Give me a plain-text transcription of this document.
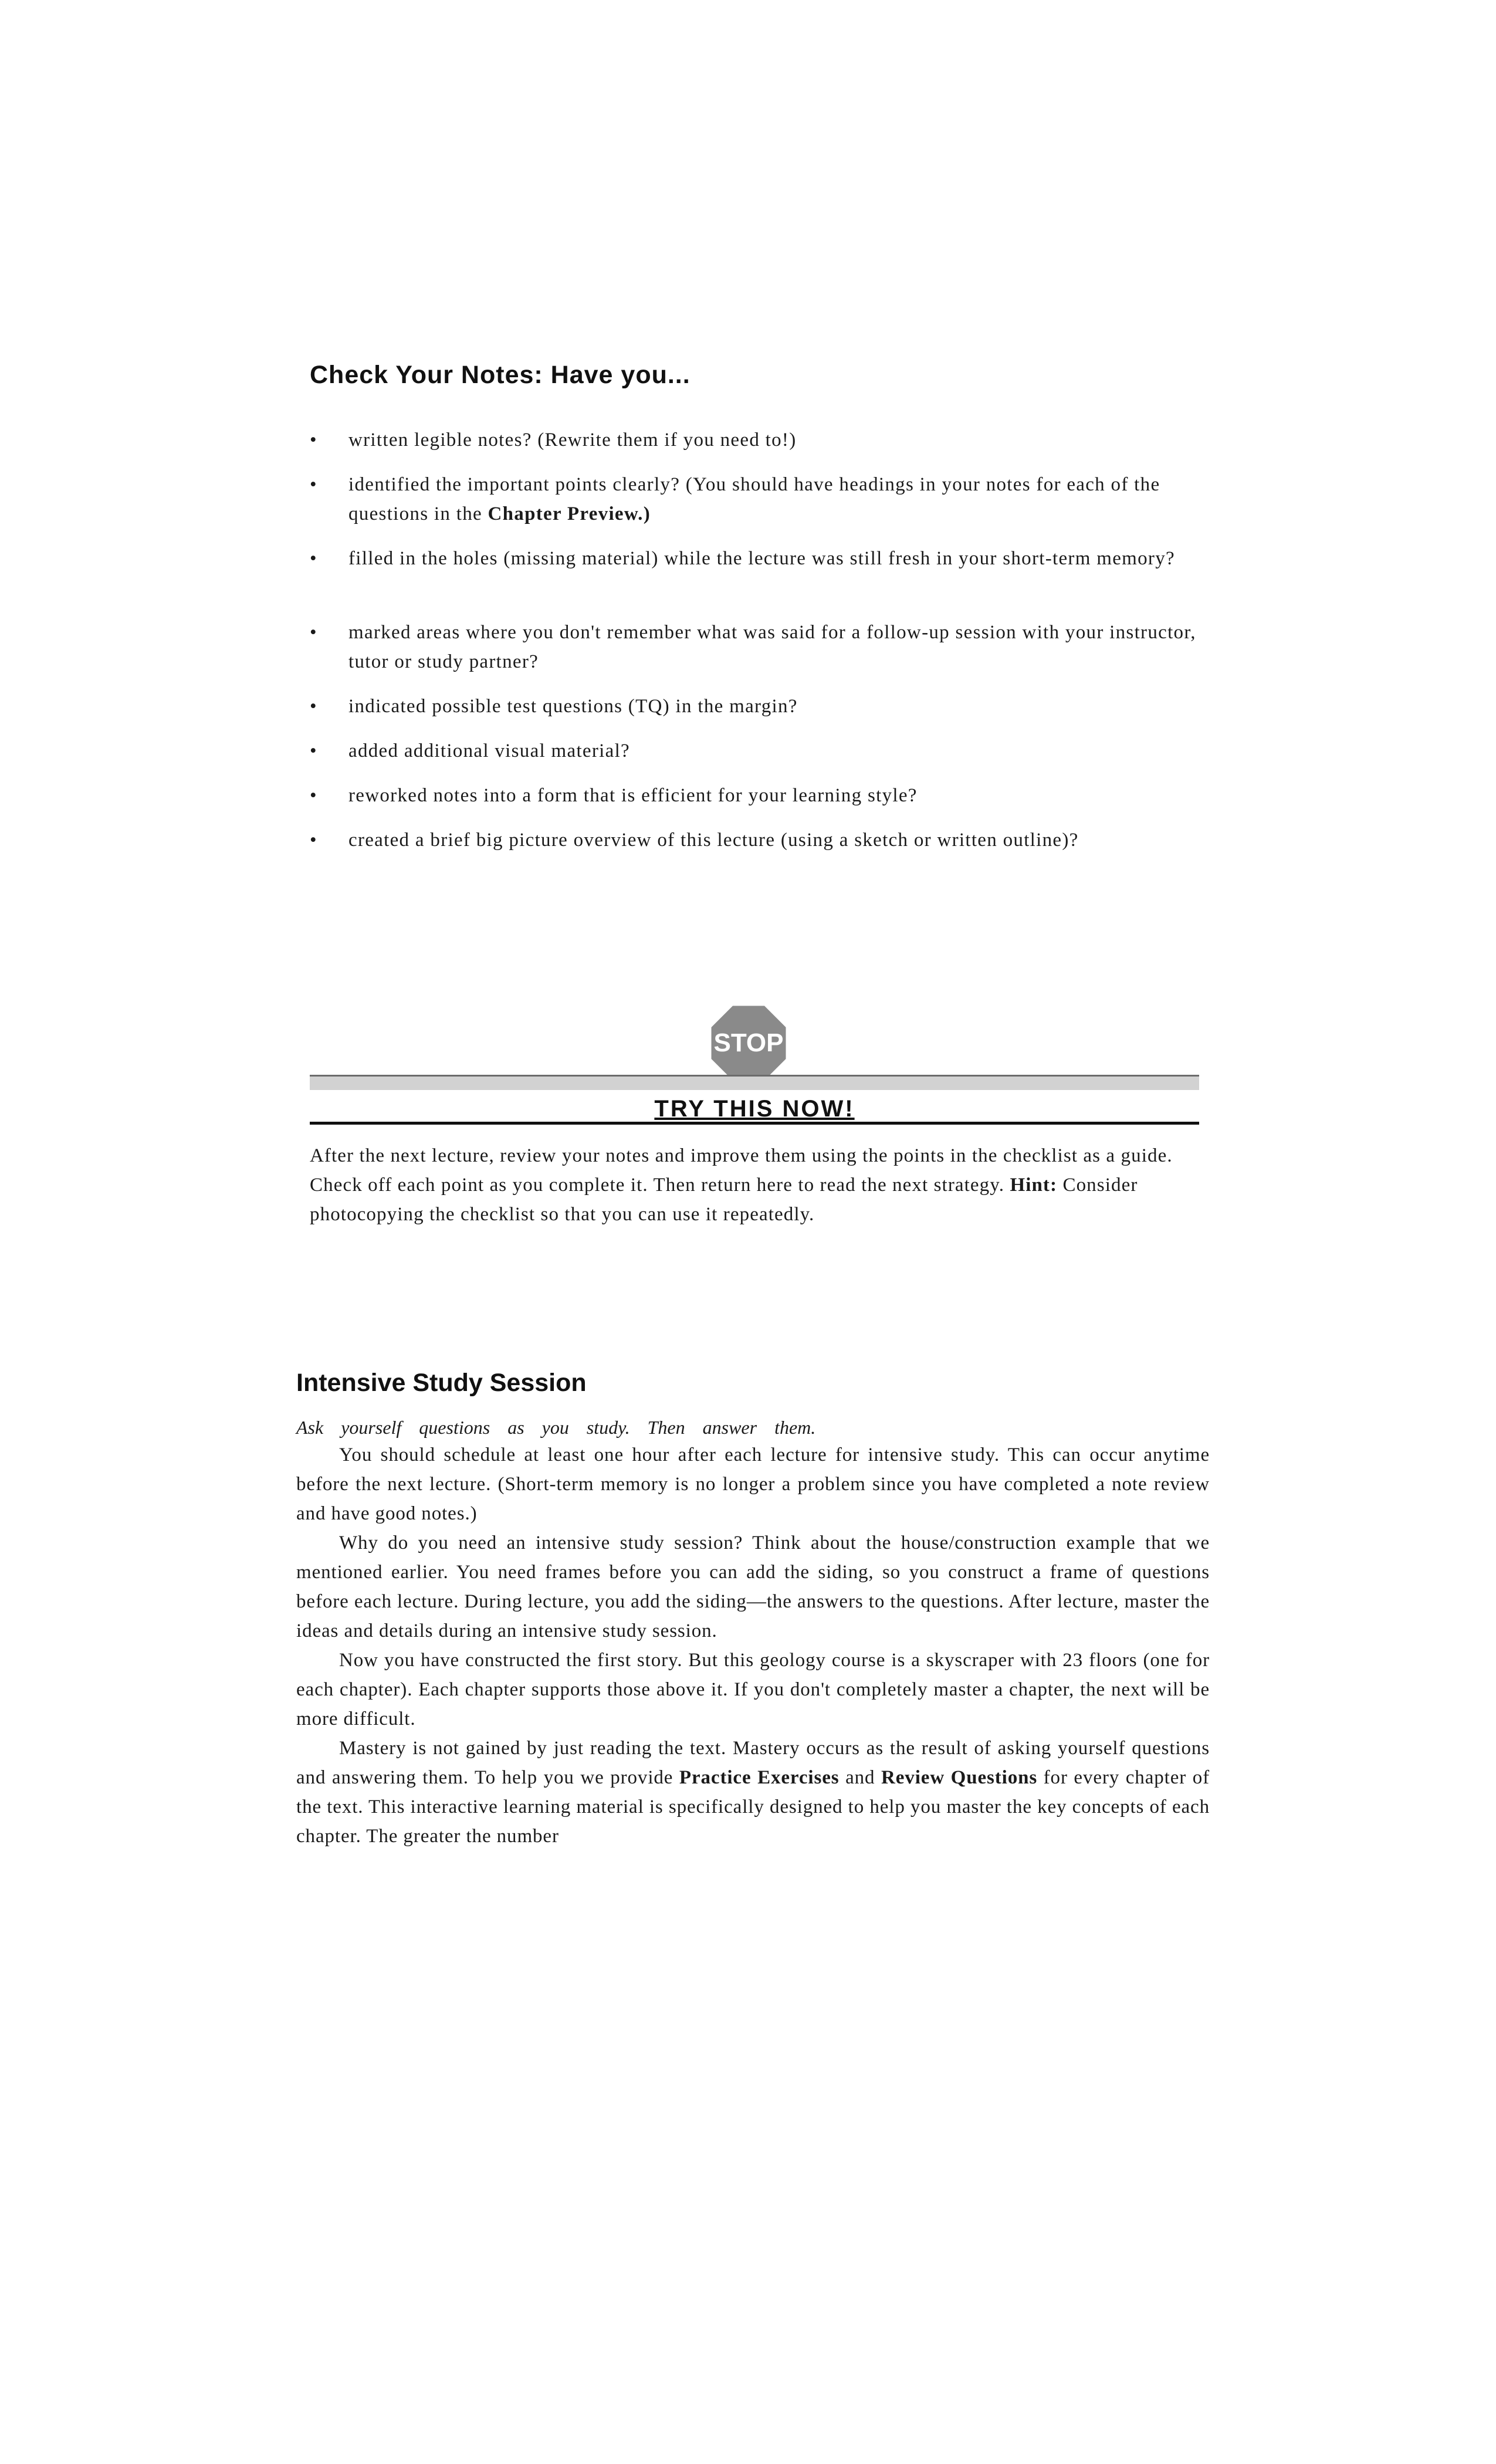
Check Your Notes: Have you...
• written legible notes? (Rewrite them if you need to!)
• identified the important points clearly? (You should have headings in your notes for each of the questions in the Chapter Preview.)
• filled in the holes (missing material) while the lecture was still fresh in your short-term memory?
• marked areas where you don't remember what was said for a follow-up session with your instructor, tutor or study partner?
• indicated possible test questions (TQ) in the margin?
• added additional visual material?
• reworked notes into a form that is efficient for your learning style?
• created a brief big picture overview of this lecture (using a sketch or written outline)?
STOP
TRY THIS NOW!

After the next lecture, review your notes and improve them using the points in the checklist as a guide. Check off each point as you complete it. Then return here to read the next strategy. Hint: Consider photocopying the checklist so that you can use it repeatedly.

Intensive Study Session

Ask yourself questions as you study. Then answer them.

You should schedule at least one hour after each lecture for intensive study. This can occur anytime before the next lecture. (Short-term memory is no longer a problem since you have completed a note review and have good notes.)

Why do you need an intensive study session? Think about the house/construction example that we mentioned earlier. You need frames before you can add the siding, so you construct a frame of questions before each lecture. During lecture, you add the siding—the answers to the questions. After lecture, master the ideas and details during an intensive study session.

Now you have constructed the first story. But this geology course is a skyscraper with 23 floors (one for each chapter). Each chapter supports those above it. If you don't completely master a chapter, the next will be more difficult.

Mastery is not gained by just reading the text. Mastery occurs as the result of asking yourself questions and answering them. To help you we provide Practice Exercises and Review Questions for every chapter of the text. This interactive learning material is specifically designed to help you master the key concepts of each chapter. The greater the number
